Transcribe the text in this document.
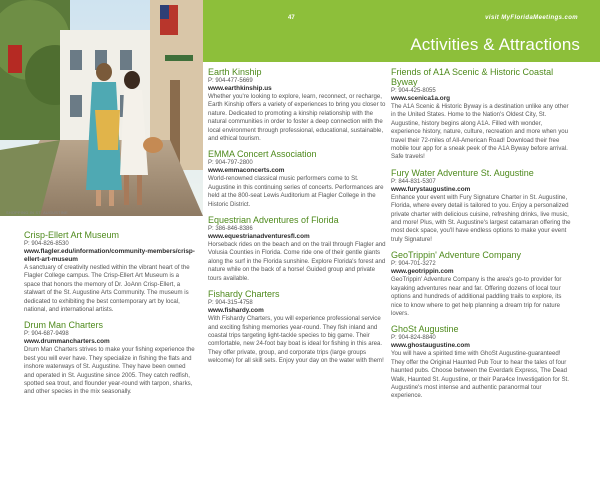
47	visit MyFloridaMeetings.com
Activities & Attractions
SHOPPING IN ST. AUGUSTINE
Crisp-Ellert Art Museum
P: 904-826-8530
www.flagler.edu/information/community-members/crisp-ellert-art-museum
A sanctuary of creativity nestled within the vibrant heart of the Flagler College campus. The Crisp-Ellert Art Museum is a space that honors the memory of Dr. JoAnn Crisp-Ellert, a stalwart of the St. Augustine Arts Community. The museum is dedicated to exhibiting the best contemporary art by local, national, and international artists.
Drum Man Charters
P: 904-687-9498
www.drummancharters.com
Drum Man Charters strives to make your fishing experience the best you will ever have. They specialize in fishing the flats and inshore waterways of St. Augustine. They have been owned and operated in St. Augustine since 2005. They catch redfish, spotted sea trout, and flounder year-round with tarpon, sharks, and other species in the mix seasonally.
Earth Kinship
P: 904-477-5669
www.earthkinship.us
Whether you're looking to explore, learn, reconnect, or recharge, Earth Kinship offers a variety of experiences to bring you closer to nature. Dedicated to promoting a kinship relationship with the natural communities in order to foster a deep connection with the local environment through professional, educational, sustainable, and ethical tourism.
EMMA Concert Association
P: 904-797-2800
www.emmaconcerts.com
World-renowned classical music performers come to St. Augustine in this continuing series of concerts. Performances are held at the 800-seat Lewis Auditorium at Flagler College in the Historic District.
Equestrian Adventures of Florida
P: 386-846-8386
www.equestrianadventuresfl.com
Horseback rides on the beach and on the trail through Flagler and Volusia Counties in Florida. Come ride one of their gentle giants along the surf in the Florida sunshine. Explore Florida's forest and nature while on the back of a horse! Guided group and private tours available.
Fishardy Charters
P: 904-315-4758
www.fishardy.com
With Fishardy Charters, you will experience professional service and exciting fishing memories year-round. They fish inland and coastal trips targeting light-tackle species to big game. Their comfortable, new 24-foot bay boat is ideal for fishing in this area. They offer private, group, and corporate trips (large groups welcome) for all skill sets. Enjoy your day on the water with them!
Friends of A1A Scenic & Historic Coastal Byway
P: 904-425-8055
www.scenica1a.org
The A1A Scenic & Historic Byway is a destination unlike any other in the United States. Home to the Nation's Oldest City, St. Augustine, history begins along A1A. Filled with wonder, experience history, nature, culture, recreation and more when you travel their 72-miles of All-American Road! Download their free mobile tour app for a sneak peek of the A1A Byway before arrival. Safe travels!
Fury Water Adventure St. Augustine
P: 844-831-5307
www.furystaugustine.com
Enhance your event with Fury Signature Charter in St. Augustine, Florida, where every detail is tailored to you. Enjoy a personalized private charter with delicious cuisine, refreshing drinks, live music, and more! Plus, with St. Augustine's largest catamaran offering the most deck space, you'll have endless options to make your event truly Signature!
GeoTrippin' Adventure Company
P: 904-701-3272
www.geotrippin.com
GeoTrippin' Adventure Company is the area's go-to provider for kayaking adventures near and far. Offering dozens of local tour options and hundreds of additional paddling trails to explore, its nice to know where to get help planning a dream trip for nature lovers.
GhoSt Augustine
P: 904-824-8840
www.ghostaugustine.com
You will have a spirited time with GhoSt Augustine-guaranteed! They offer the Original Haunted Pub Tour to hear the tales of four haunted pubs. Choose between the Everdark Express, The Dead Walk, Haunted St. Augustine, or their Para4ce Investigation for St. Augustine's most intense and authentic paranormal tour experience.
